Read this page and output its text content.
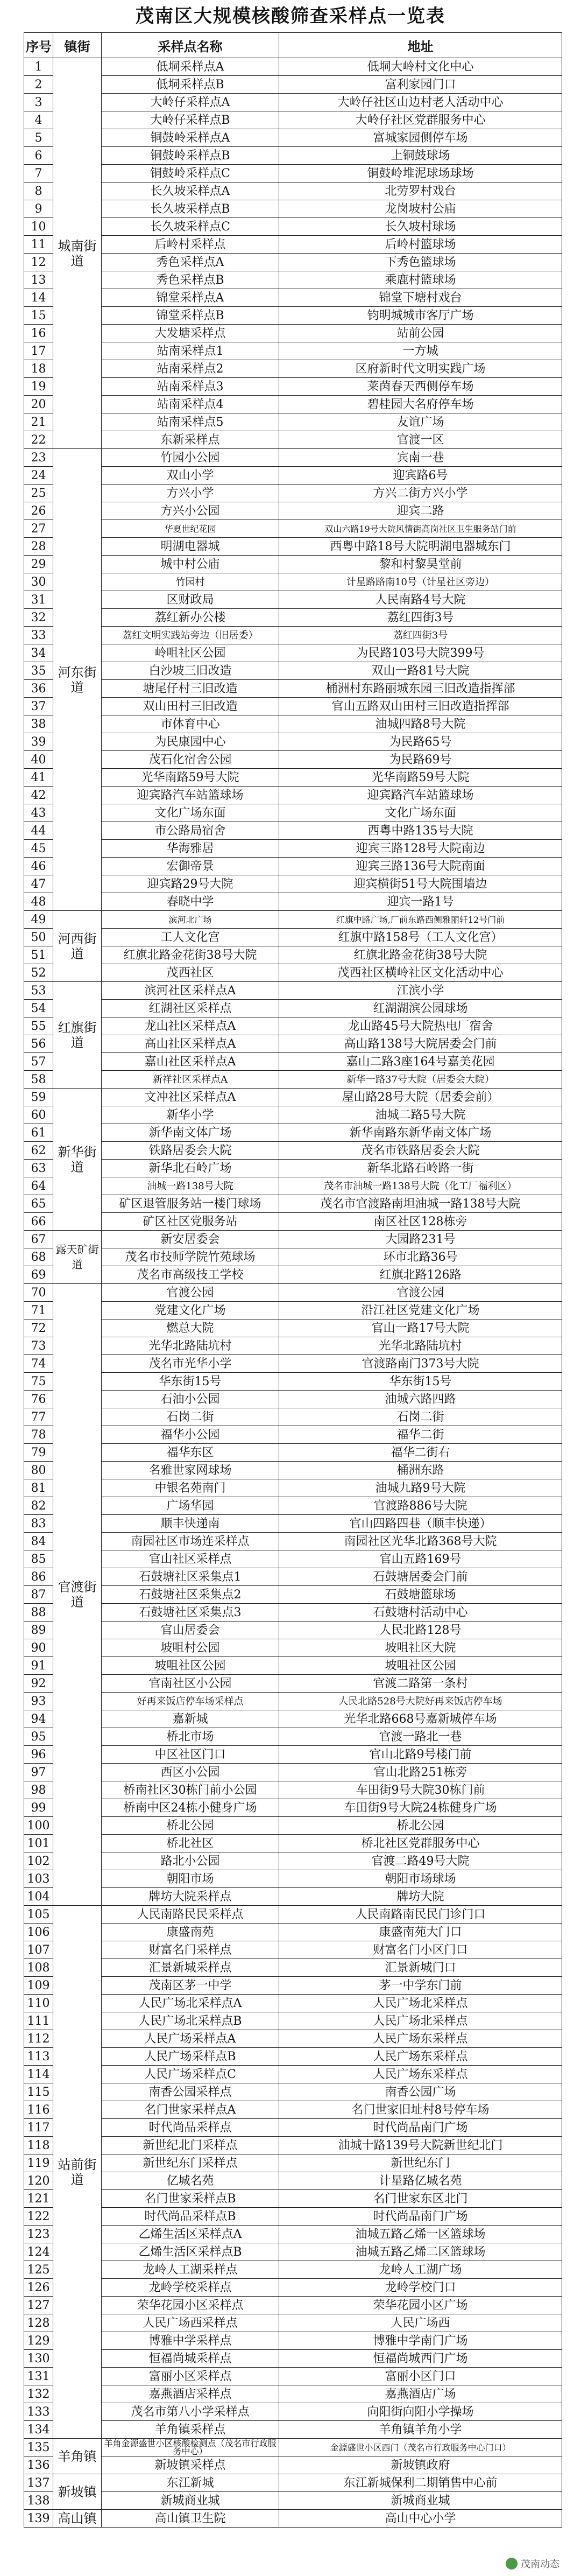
茂南区大规模核酸筛查采样点一览表
序号	镇街	采样点名称	地址
1	城南街道	低垌采样点A	低垌大岭村文化中心
2		低垌采样点B	富利家园门口
3		大岭仔采样点A	大岭仔社区山边村老人活动中心
4		大岭仔采样点B	大岭仔社区党群服务中心
5		铜鼓岭采样点A	富城家园侧停车场
6		铜鼓岭采样点B	上铜鼓球场
7		铜鼓岭采样点C	铜鼓岭堆泥球场球场
8		长久坡采样点A	北劳罗村戏台
9		长久坡采样点B	龙岗坡村公庙
10		长久坡采样点C	长久坡村球场
11		后岭村采样点	后岭村篮球场
12		秀色采样点A	下秀色篮球场
13		秀色采样点B	乘鹿村篮球场
14		锦堂采样点A	锦堂下塘村戏台
15		锦堂采样点B	钧明城城市客厅广场
16		大发塘采样点	站前公园
17		站南采样点1	一方城
18		站南采样点2	区府新时代文明实践广场
19		站南采样点3	莱茵春天西侧停车场
20		站南采样点4	碧桂园大名府停车场
21		站南采样点5	友谊广场
22		东新采样点	官渡一区
23	河东街道	竹园小公园	宾南一巷
24		双山小学	迎宾路6号
25		方兴小学	方兴二街方兴小学
26		方兴小公园	迎宾二路
27		华夏世纪花园	双山六路19号大院风情街高岗社区卫生服务站门前
28		明湖电器城	西粤中路18号大院明湖电器城东门
29		城中村公庙	黎和村黎昊堂前
30		竹园村	计星路路南10号（计星社区旁边）
31		区财政局	人民南路4号大院
32		荔红新办公楼	荔红四街3号
33		荔红文明实践站旁边（旧居委）	荔红四街3号
34		岭咀社区公园	为民路103号大院399号
35		白沙坡三旧改造	双山一路81号大院
36		塘尾仔村三旧改造	桶洲村东路丽城东园三旧改造指挥部
37		双山田村三旧改造	官山五路双山田村三旧改造指挥部
38		市体育中心	油城四路8号大院
39		为民康园中心	为民路65号
40		茂石化宿舍公园	为民路69号
41		光华南路59号大院	光华南路59号大院
42		迎宾路汽车站篮球场	迎宾路汽车站篮球场
43		文化广场东面	文化广场东面
44		市公路局宿舍	西粤中路135号大院
45		华海雅居	迎宾三路128号大院南边
46		宏御帝景	迎宾三路136号大院南面
47		迎宾路29号大院	迎宾横街51号大院围墙边
48		春晓中学	迎宾一路1号
49	河西街道	滨河北广场	红旗中路广场,厂前东路西侧雅丽轩12号门前
50		工人文化宫	红旗中路158号（工人文化宫）
51		红旗北路金花街38号大院	红旗北路金花街38号大院
52		茂西社区	茂西社区横岭社区文化活动中心
53	红旗街道	滨河社区采样点A	江滨小学
54		红湖社区采样点	红湖湖滨公园球场
55		龙山社区采样点A	龙山路45号大院热电厂宿舍
56		高山社区采样点A	高山路138号大院居委会门前
57		嘉山社区采样点A	嘉山二路3座164号嘉美花园
58		新祥社区采样点A	新华一路37号大院（居委会大院）
59	新华街道	文冲社区采样点A	屋山路28号大院（居委会前）
60		新华小学	油城二路5号大院
61		新华南文体广场	新华南路东新华南文体广场
62		铁路居委会大院	茂名市铁路居委会大院
63		新华北石岭广场	新华北路石岭路一街
64		油城一路138号大院	茂名市油城一路138号大院（化工厂福利区）
65		矿区退管服务站一楼门球场	茂名市官渡路南坦油城一路138号大院
66		矿区社区党服务站	南区社区128栋旁
67	露天矿街道	新安居委会	大园路231号
68		茂名市技师学院竹苑球场	环市北路36号
69		茂名市高级技工学校	红旗北路126路
70	官渡街道	官渡公园	官渡公园
71		党建文化广场	沿江社区党建文化广场
72		燃总大院	官山一路17号大院
73		光华北路陆坑村	光华北路陆坑村
74		茂名市光华小学	官渡路南门373号大院
75		华东街15号	华东街15号
76		石油小公园	油城六路四路
77		石岗二街	石岗二街
78		福华小公园	福华二街
79		福华东区	福华二街右
80		名雅世家网球场	桶洲东路
81		中银名苑南门	油城九路9号大院
82		广场华园	官渡路886号大院
83		顺丰快递南	官山四路四巷（顺丰快递）
84		南园社区市场连采样点	南园社区光华北路368号大院
85		官山社区采样点	官山五路169号
86		石鼓塘社区采集点1	石鼓塘居委会门前
87		石鼓塘社区采集点2	石鼓塘篮球场
88		石鼓塘社区采集点3	石鼓塘村活动中心
89		官山居委会	人民北路128号
90		坡咀村公园	坡咀社区大院
91		坡咀社区公园	坡咀社区公园
92		官南社区小公园	官渡二路第一条村
93		好再来饭店停车场采样点	人民北路528号大院好再来饭店停车场
94		嘉新城	光华北路668号嘉新城停车场
95		桥北市场	官渡一路北一巷
96		中区社区门口	官山北路9号楼门前
97		西区小公园	官山北路251栋旁
98		桥南社区30栋门前小公园	车田街9号大院30栋门前
99		桥南中区24栋小健身广场	车田街9号大院24栋健身广场
100		桥北公园	桥北公园
101		桥北社区	桥北社区党群服务中心
102		路北小公园	官渡二路49号大院
103		朝阳市场	朝阳市场球场
104		牌坊大院采样点	牌坊大院
105	站前街道	人民南路民民采样点	人民南路南民民门诊门口
106		康盛南苑	康盛南苑大门口
107		财富名门采样点	财富名门小区门口
108		汇景新城采样点	汇景新城门口
109		茂南区茅一中学	茅一中学东门前
110		人民广场北采样点A	人民广场北采样点
111		人民广场北采样点B	人民广场北采样点
112		人民广场采样点A	人民广场东采样点
113		人民广场采样点B	人民广场东采样点
114		人民广场采样点C	人民广场东采样点
115		南香公园采样点	南香公园广场
116		名门世家采样点A	名门世家旧址村8号停车场
117		时代尚品采样点	时代尚品南门广场
118		新世纪北门采样点	油城十路139号大院新世纪北门
119		新世纪东门采样点	新世纪东门
120		亿城名苑	计星路亿城名苑
121		名门世家采样点B	名门世家东区北门
122		时代尚品采样点B	时代尚品南门广场
123		乙烯生活区采样点A	油城五路乙烯一区篮球场
124		乙烯生活区采样点B	油城五路乙烯二区篮球场
125		龙岭人工湖采样点	龙岭人工湖广场
126		龙岭学校采样点	龙岭学校门口
127		荣华花园小区采样点	荣华花园小区广场
128		人民广场西采样点	人民广场西
129		博雅中学采样点	博雅中学南门广场
130		恒福尚城采样点	恒福尚城西门广场
131		富丽小区采样点	富丽小区门口
132		嘉燕酒店采样点	嘉燕酒店广场
133		茂名市第八小学采样点	向阳街向阳小学操场
134		羊角镇采样点	羊角镇羊角小学
135	羊角镇	羊角金源盛世小区核酸检测点（茂名市行政服务中心）	金源盛世小区西门（茂名市行政服务中心门口）
136		新坡镇采样点	新坡镇政府
137	新坡镇	东江新城	东江新城保利二期销售中心前
138		新城商业城	新城商业城
139	高山镇	高山镇卫生院	高山中心小学
茂南动态
